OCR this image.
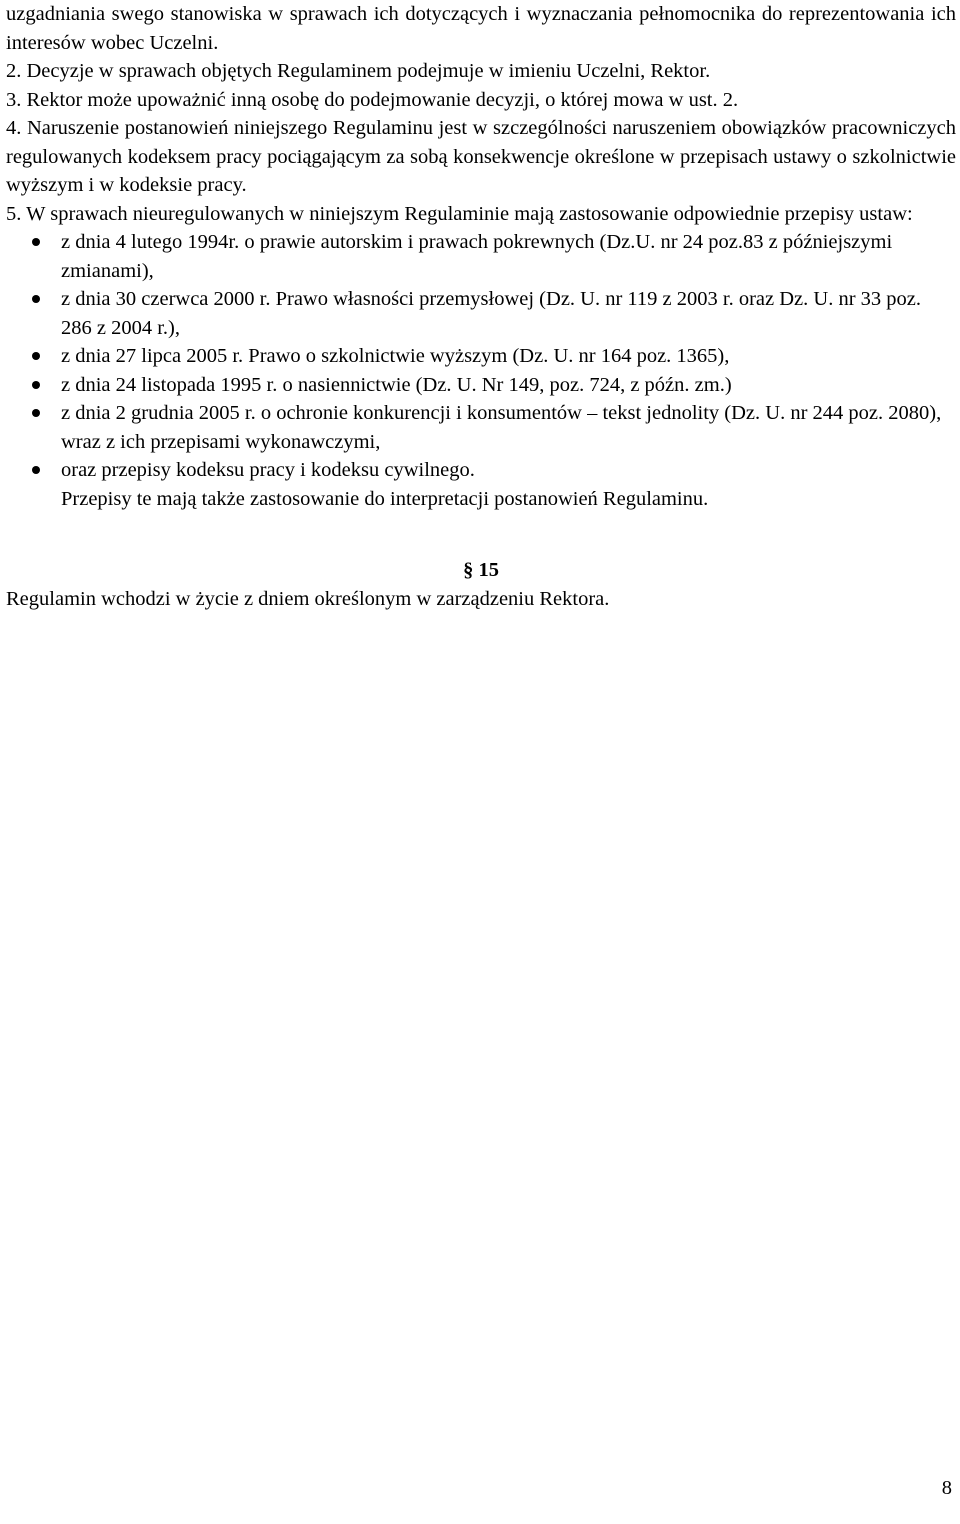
uzgadniania swego stanowiska w sprawach ich dotyczących i wyznaczania pełnomocnika do reprezentowania ich interesów wobec Uczelni.

2. Decyzje w sprawach objętych Regulaminem podejmuje w imieniu Uczelni, Rektor.

3. Rektor może upoważnić inną osobę do podejmowanie decyzji, o której mowa w ust. 2.

4. Naruszenie postanowień niniejszego Regulaminu jest w szczególności naruszeniem obowiązków pracowniczych regulowanych kodeksem pracy pociągającym za sobą konsekwencje określone w przepisach ustawy o szkolnictwie wyższym i w kodeksie pracy.

5. W sprawach nieuregulowanych w niniejszym Regulaminie mają zastosowanie odpowiednie przepisy ustaw:

z dnia 4 lutego 1994r. o prawie autorskim i prawach pokrewnych (Dz.U. nr 24 poz.83 z późniejszymi zmianami),
z dnia 30 czerwca 2000 r. Prawo własności przemysłowej (Dz. U. nr 119 z 2003 r. oraz Dz. U. nr 33 poz. 286 z 2004 r.),
z dnia 27 lipca 2005 r. Prawo o szkolnictwie wyższym (Dz. U. nr 164 poz. 1365),
z dnia 24 listopada 1995 r. o nasiennictwie (Dz. U. Nr 149, poz. 724, z późn. zm.)
z dnia 2 grudnia 2005 r. o ochronie konkurencji i konsumentów – tekst jednolity (Dz. U. nr 244 poz. 2080), wraz z ich przepisami wykonawczymi,
oraz przepisy kodeksu pracy i kodeksu cywilnego.

Przepisy te mają także zastosowanie do interpretacji postanowień Regulaminu.

§ 15

Regulamin wchodzi w życie z dniem określonym w zarządzeniu Rektora.

8
